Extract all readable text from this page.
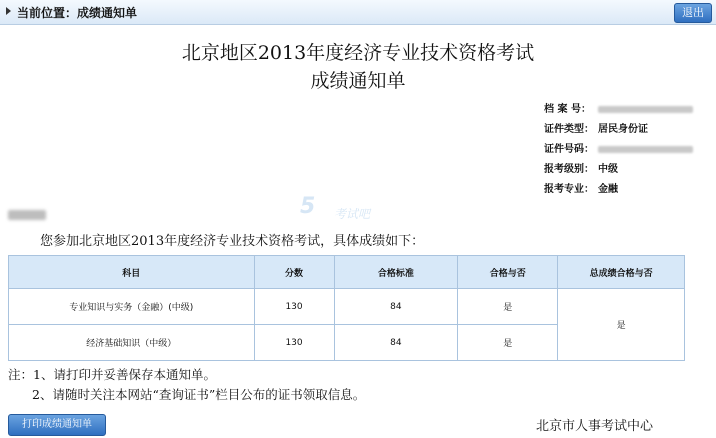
当前位置：成绩通知单	退出
北京地区2013年度经济专业技术资格考试
成绩通知单
档 案 号：
证件类型： 居民身份证
证件号码：
报考级别： 中级
报考专业： 金融
5 考试吧
您参加北京地区2013年度经济专业技术资格考试，具体成绩如下：
科目	分数	合格标准	合格与否	总成绩合格与否
专业知识与实务（金融）(中级)	130	84	是	是
经济基础知识（中级）	130	84	是	
注：1、请打印并妥善保存本通知单。
2、请随时关注本网站“查询证书”栏目公布的证书领取信息。
打印成绩通知单	北京市人事考试中心
